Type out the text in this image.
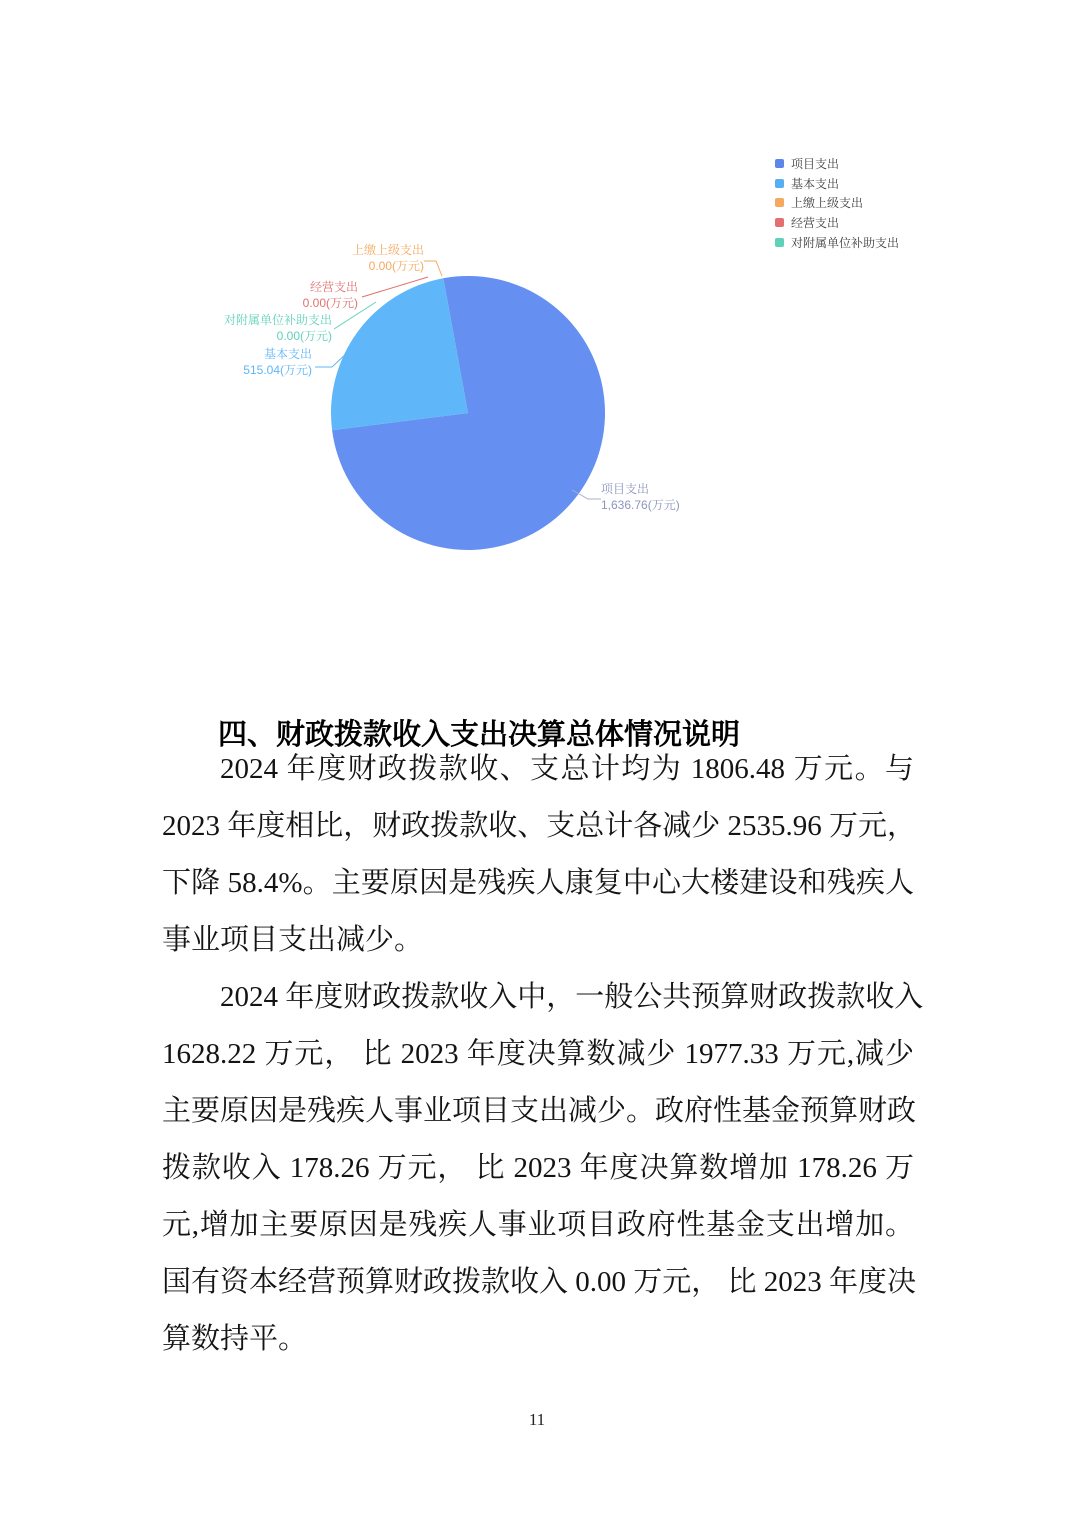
项目支出
基本支出
上缴上级支出
经营支出
对附属单位补助支出
上缴上级支出
0.00(万元)
经营支出
0.00(万元)
对附属单位补助支出
0.00(万元)
基本支出
515.04(万元)
项目支出
1,636.76(万元)
四、财政拨款收入支出决算总体情况说明
2024 年度财政拨款收、支总计均为 1806.48 万元。与
2023 年度相比，财政拨款收、支总计各减少 2535.96 万元，
下降 58.4%。主要原因是残疾人康复中心大楼建设和残疾人
事业项目支出减少。
2024 年度财政拨款收入中，一般公共预算财政拨款收入
1628.22 万元， 比 2023 年度决算数减少 1977.33 万元,减少
主要原因是残疾人事业项目支出减少。政府性基金预算财政
拨款收入 178.26 万元， 比 2023 年度决算数增加 178.26 万
元,增加主要原因是残疾人事业项目政府性基金支出增加。
国有资本经营预算财政拨款收入 0.00 万元， 比 2023 年度决
算数持平。
11
